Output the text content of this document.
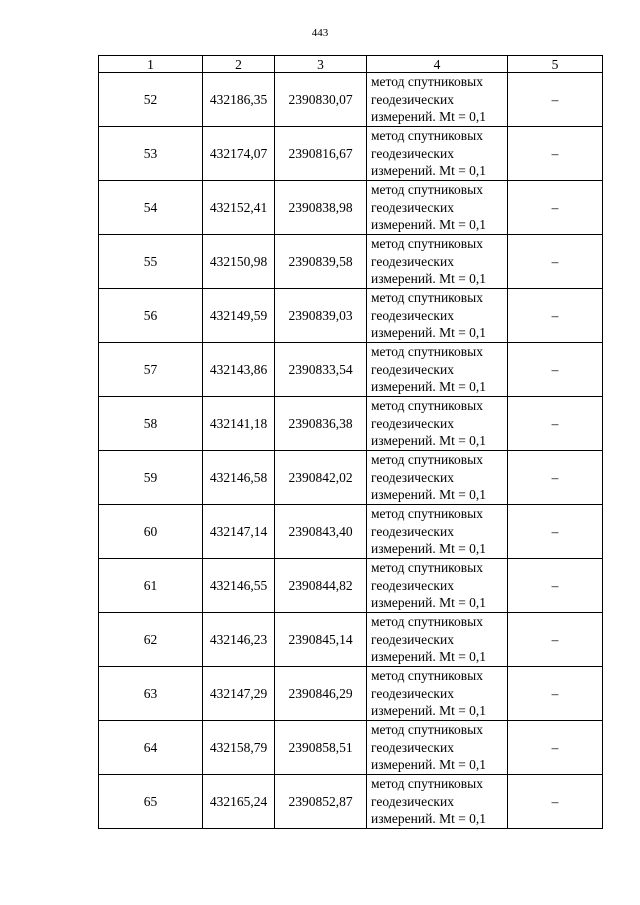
443
1	2	3	4	5
52	432186,35	2390830,07	метод спутниковых
геодезических
измерений. Mt = 0,1	–
53	432174,07	2390816,67	метод спутниковых
геодезических
измерений. Mt = 0,1	–
54	432152,41	2390838,98	метод спутниковых
геодезических
измерений. Mt = 0,1	–
55	432150,98	2390839,58	метод спутниковых
геодезических
измерений. Mt = 0,1	–
56	432149,59	2390839,03	метод спутниковых
геодезических
измерений. Mt = 0,1	–
57	432143,86	2390833,54	метод спутниковых
геодезических
измерений. Mt = 0,1	–
58	432141,18	2390836,38	метод спутниковых
геодезических
измерений. Mt = 0,1	–
59	432146,58	2390842,02	метод спутниковых
геодезических
измерений. Mt = 0,1	–
60	432147,14	2390843,40	метод спутниковых
геодезических
измерений. Mt = 0,1	–
61	432146,55	2390844,82	метод спутниковых
геодезических
измерений. Mt = 0,1	–
62	432146,23	2390845,14	метод спутниковых
геодезических
измерений. Mt = 0,1	–
63	432147,29	2390846,29	метод спутниковых
геодезических
измерений. Mt = 0,1	–
64	432158,79	2390858,51	метод спутниковых
геодезических
измерений. Mt = 0,1	–
65	432165,24	2390852,87	метод спутниковых
геодезических
измерений. Mt = 0,1	–
